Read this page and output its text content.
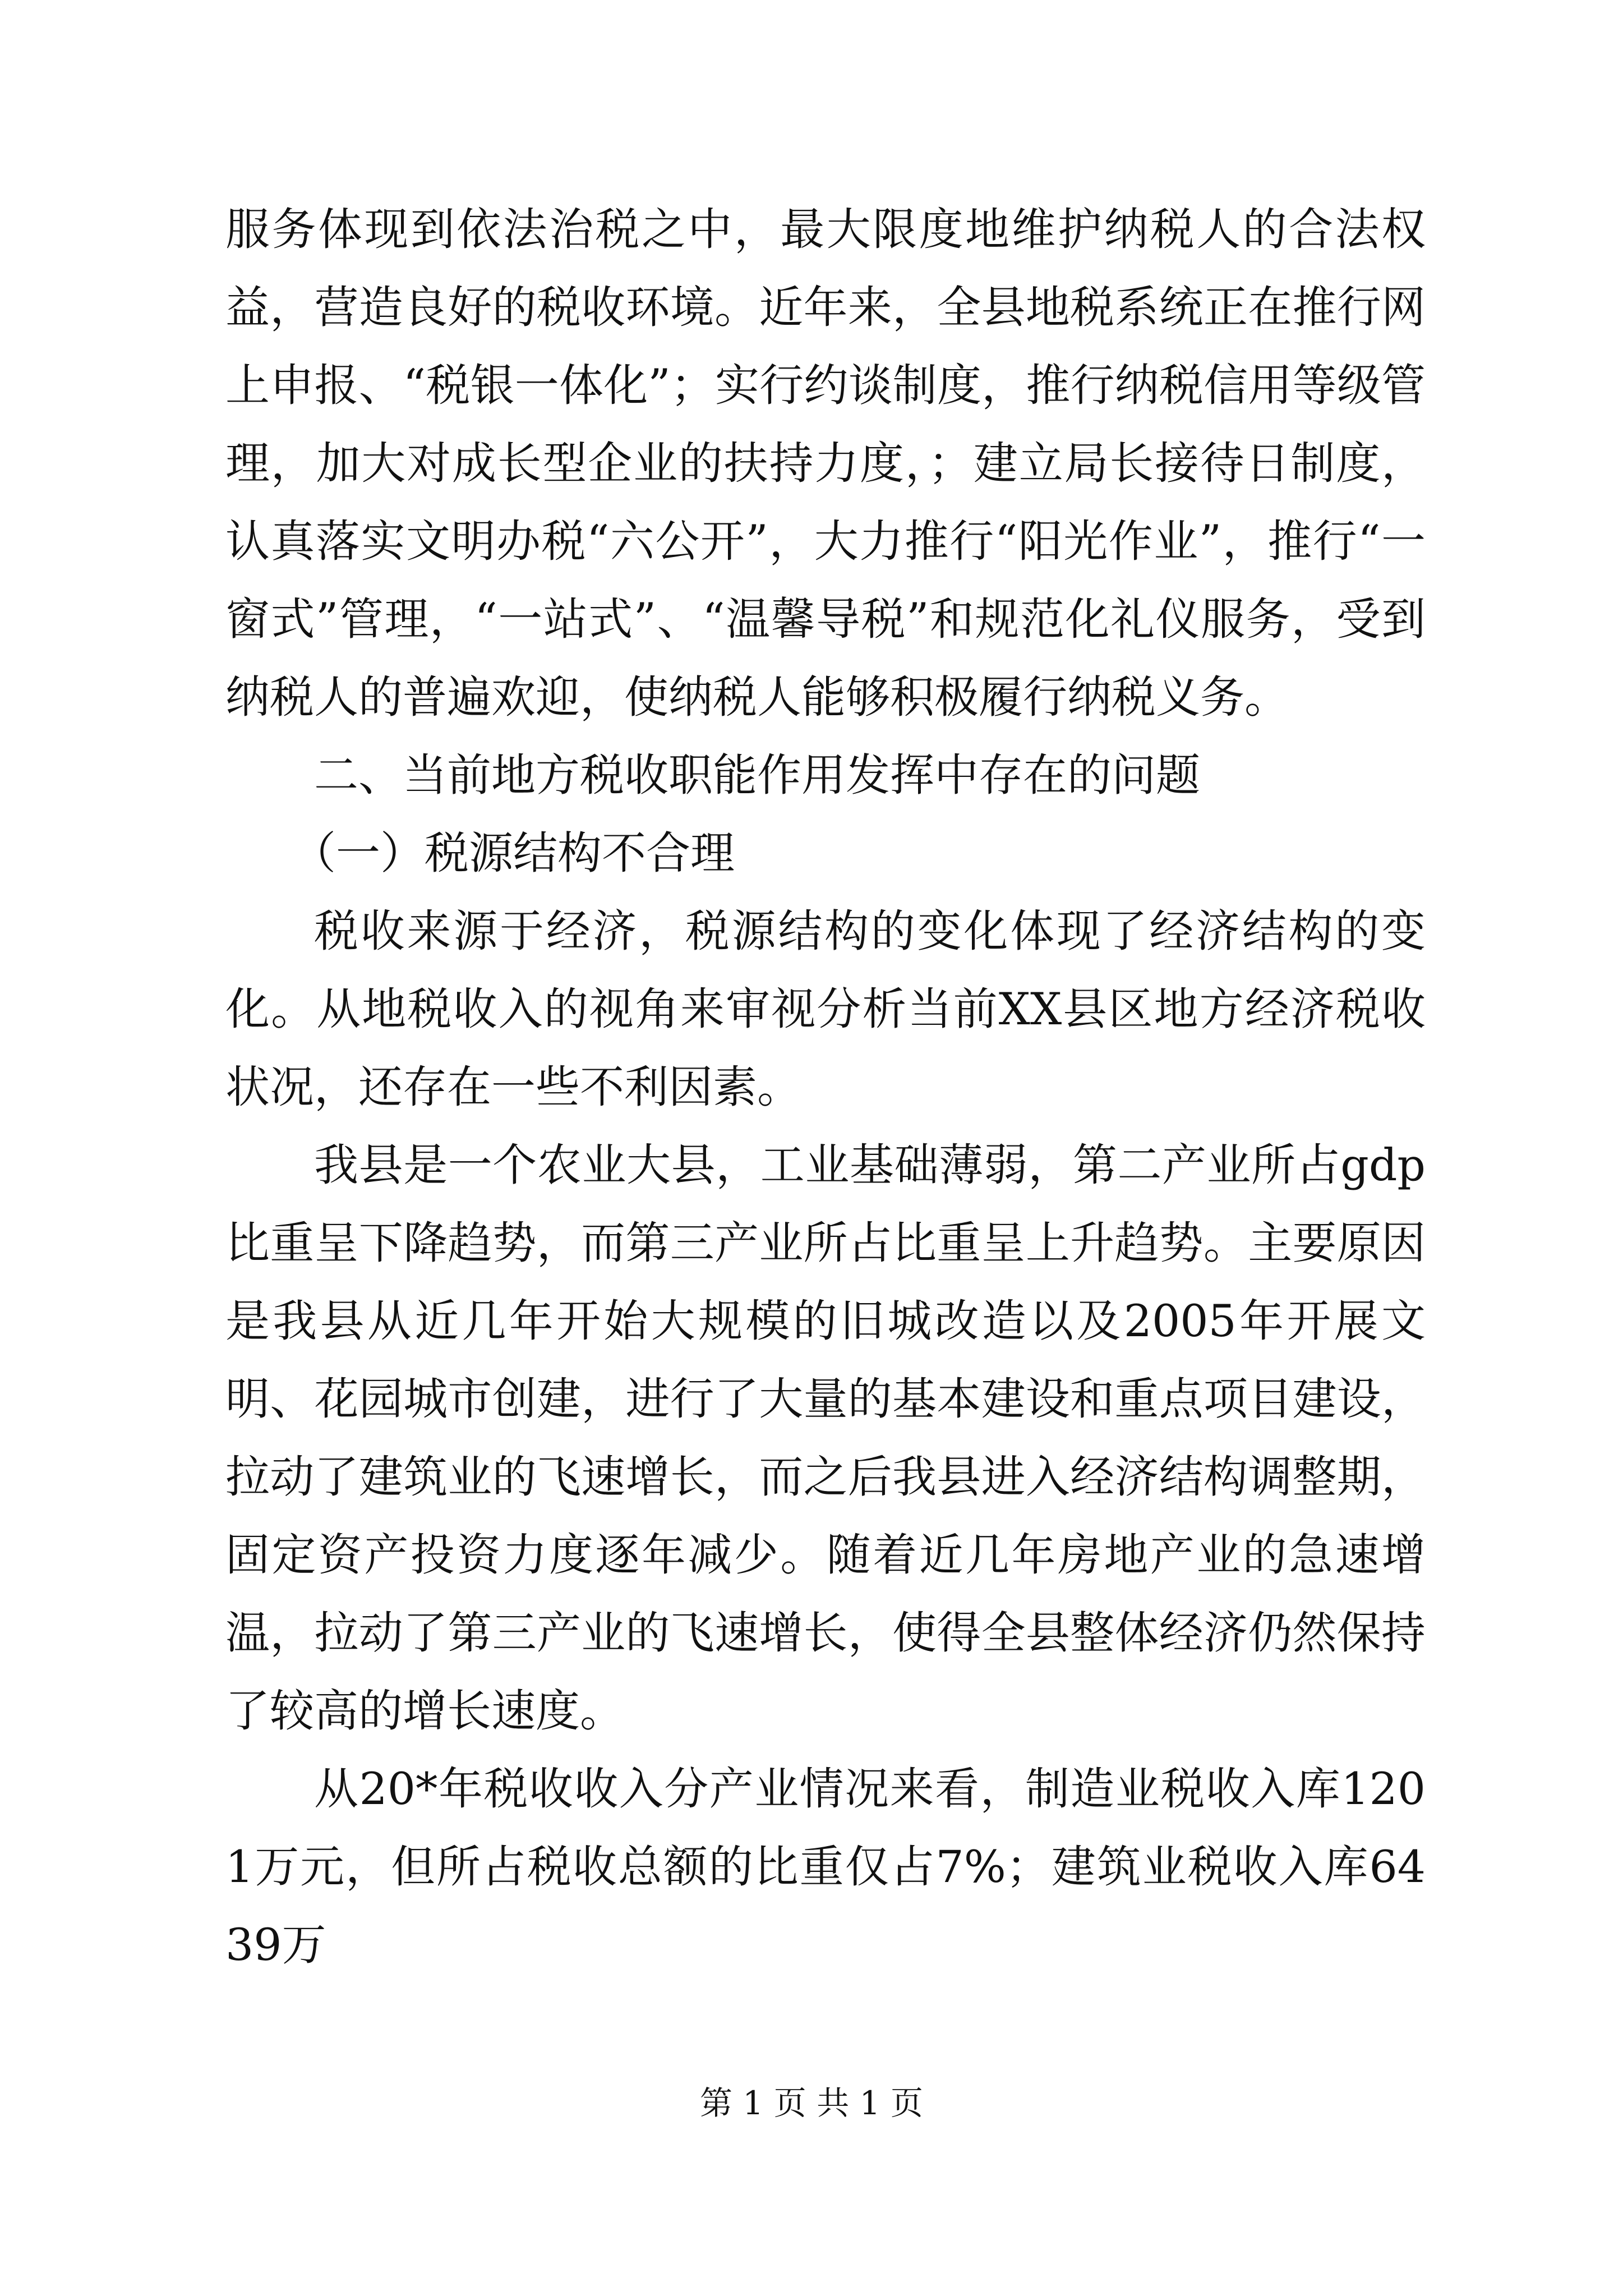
服务体现到依法治税之中，最大限度地维护纳税人的合法权益，营造良好的税收环境。近年来，全县地税系统正在推行网上申报、“税银一体化”；实行约谈制度，推行纳税信用等级管理，加大对成长型企业的扶持力度，；建立局长接待日制度，认真落实文明办税“六公开”，大力推行“阳光作业”，推行“一窗式”管理，“一站式”、“温馨导税”和规范化礼仪服务，受到纳税人的普遍欢迎，使纳税人能够积极履行纳税义务。

二、当前地方税收职能作用发挥中存在的问题

（一）税源结构不合理

税收来源于经济，税源结构的变化体现了经济结构的变化。从地税收入的视角来审视分析当前XX县区地方经济税收状况，还存在一些不利因素。

我县是一个农业大县，工业基础薄弱，第二产业所占gdp比重呈下降趋势，而第三产业所占比重呈上升趋势。主要原因是我县从近几年开始大规模的旧城改造以及2005年开展文明、花园城市创建，进行了大量的基本建设和重点项目建设，拉动了建筑业的飞速增长，而之后我县进入经济结构调整期，固定资产投资力度逐年减少。随着近几年房地产业的急速增温，拉动了第三产业的飞速增长，使得全县整体经济仍然保持了较高的增长速度。

从20*年税收收入分产业情况来看，制造业税收入库1201万元，但所占税收总额的比重仅占7%；建筑业税收入库6439万

第 1 页 共 1 页
